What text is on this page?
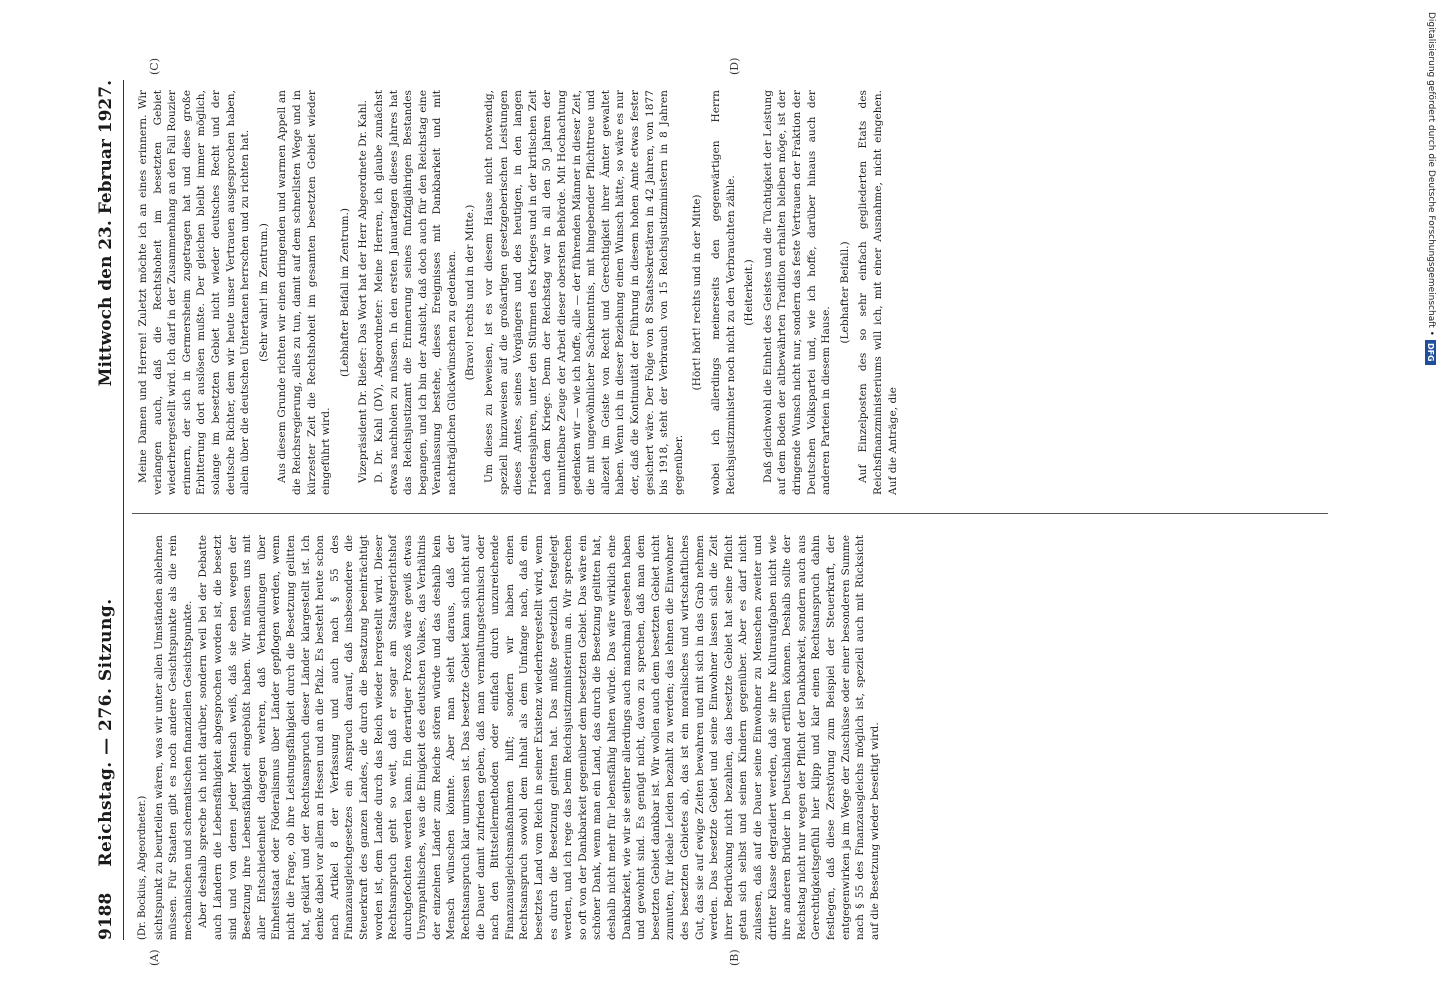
9188
Reichstag. — 276. Sitzung.
Mittwoch den 23. Februar 1927.
(A)	(B)
(C)	(D)

(Dr. Bockius, Abgeordneter.) sichtspunkt zu beurteilen wären, was wir unter allen Umständen ablehnen müssen. Für Staaten gibt es noch andere Gesichtspunkte als die rein mechanischen und schematischen finanziellen Gesichtspunkte. Aber deshalb spreche ich nicht darüber, sondern weil bei der Debatte auch Ländern die Lebensfähigkeit abgesprochen worden ist, die besetzt sind und von denen jeder Mensch weiß, daß sie eben wegen der Besetzung ihre Lebensfähigkeit eingebüßt haben. Wir müssen uns mit aller Entschiedenheit dagegen wehren, daß Verhandlungen über Einheitsstaat oder Föderalismus über Länder gepflogen werden, wenn nicht die Frage, ob ihre Leistungsfähigkeit durch die Besetzung gelitten hat, geklärt und der Rechtsanspruch dieser Länder klargestellt ist. Ich denke dabei vor allem an Hessen und an die Pfalz. Es besteht heute schon nach Artikel 8 der Verfassung und auch nach § 55 des Finanzausgleichgesetzes ein Anspruch darauf, daß insbesondere die Steuerkraft des ganzen Landes, die durch die Besatzung beeinträchtigt worden ist, dem Lande durch das Reich wieder hergestellt wird. Dieser Rechtsanspruch geht so weit, daß er sogar am Staatsgerichtshof durchgefochten werden kann. Ein derartiger Prozeß wäre gewiß etwas Unsympathisches, was die Einigkeit des deutschen Volkes, das Verhältnis der einzelnen Länder zum Reiche stören würde und das deshalb kein Mensch wünschen könnte. Aber man sieht daraus, daß der Rechtsanspruch klar umrissen ist. Das besetzte Gebiet kann sich nicht auf die Dauer damit zufrieden geben, daß man vermaltungstechnisch oder nach den Bittstellermethoden oder einfach durch unzureichende Finanzausgleichsmaßnahmen hilft; sondern wir haben einen Rechtsanspruch sowohl dem Inhalt als dem Umfange nach, daß ein besetztes Land vom Reich in seiner Existenz wiederhergestellt wird, wenn es durch die Besetzung gelitten hat. Das müßte gesetzlich festgelegt werden, und ich rege das beim Reichsjustizministerium an. Wir sprechen so oft von der Dankbarkeit gegenüber dem besetzten Gebiet. Das wäre ein schöner Dank, wenn man ein Land, das durch die Besetzung gelitten hat, deshalb nicht mehr für lebensfähig halten würde. Das wäre wirklich eine Dankbarkeit, wie wir sie seither allerdings auch manchmal gesehen haben und gewohnt sind. Es genügt nicht, davon zu sprechen, daß man dem besetzten Gebiet dankbar ist. Wir wollen auch dem besetzten Gebiet nicht zumuten, für ideale Leiden bezahlt zu werden; das lehnen die Einwohner des besetzten Gebietes ab, das ist ein moralisches und wirtschaftliches Gut, das sie auf ewige Zeiten bewahren und mit sich in das Grab nehmen werden. Das besetzte Gebiet und seine Einwohner lassen sich die Zeit ihrer Bedrückung nicht bezahlen, das besetzte Gebiet hat seine Pflicht getan sich selbst und seinen Kindern gegenüber. Aber es darf nicht zulassen, daß auf die Dauer seine Einwohner zu Menschen zweiter und dritter Klasse degradiert werden, daß sie ihre Kulturaufgaben nicht wie ihre anderen Brüder in Deutschland erfüllen können. Deshalb sollte der Reichstag nicht nur wegen der Pflicht der Dankbarkeit, sondern auch aus Gerechtigkeitsgefühl hier klipp und klar einen Rechtsanspruch dahin festlegen, daß diese Zerstörung zum Beispiel der Steuerkraft, der entgegenwirken ja im Wege der Zuschüsse oder einer besonderen Summe nach § 55 des Finanzausgleichs möglich ist, speziell auch mit Rücksicht auf die Besetzung wieder beseitigt wird.

Meine Damen und Herren! Zuletzt möchte ich an eines erinnern. Wir verlangen auch, daß die Rechtshoheit im besetzten Gebiet wiederhergestellt wird. Ich darf in der Zusammenhang an den Fall Rouzier erinnern, der sich in Germersheim zugetragen hat und diese große Erbitterung dort auslösen mußte. Der gleichen bleibt immer möglich, solange im besetzten Gebiet nicht wieder deutsches Recht und der deutsche Richter, dem wir heute unser Vertrauen ausgesprochen haben, allein über die deutschen Untertanen herrschen und zu richten hat. (Sehr wahr! im Zentrum.) Aus diesem Grunde richten wir einen dringenden und warmen Appell an die Reichsregierung, alles zu tun, damit auf dem schnellsten Wege und in kürzester Zeit die Rechtshoheit im gesamten besetzten Gebiet wieder eingeführt wird.

(Lebhafter Beifall im Zentrum.) Vizepräsident Dr. Rießer: Das Wort hat der Herr Abgeordnete Dr. Kahl. D. Dr. Kahl (DV), Abgeordneter: Meine Herren, ich glaube zunächst etwas nachholen zu müssen. In den ersten Januartagen dieses Jahres hat das Reichsjustizamt die Erinnerung seines fünfzigjährigen Bestandes begangen, und ich bin der Ansicht, daß doch auch für den Reichstag eine Veranlassung bestehe, dieses Ereignisses mit Dankbarkeit und mit nachträglichen Glückwünschen zu gedenken. (Bravo! rechts und in der Mitte.) Um dieses zu beweisen, ist es vor diesem Hause nicht notwendig, speziell hinzuweisen auf die großartigen gesetzgeberischen Leistungen dieses Amtes, seines Vorgängers und des heutigen, in den langen Friedensjahren, unter den Stürmen des Krieges und in der kritischen Zeit nach dem Kriege. Denn der Reichstag war in all den 50 Jahren der unmittelbare Zeuge der Arbeit dieser obersten Behörde. Mit Hochachtung gedenken wir — wie ich hoffe, alle — der führenden Männer in dieser Zeit, die mit ungewöhnlicher Sachkenntnis, mit hingebender Pflichttreue und allezeit im Geiste von Recht und Gerechtigkeit ihrer Ämter gewaltet haben. Wenn ich in dieser Beziehung einen Wunsch hätte, so wäre es nur der, daß die Kontinuität der Führung in diesem hohen Amte etwas fester gesichert wäre. Der Folge von 8 Staatssekretären in 42 Jahren, von 1877 bis 1918, steht der Verbrauch von 15 Reichsjustizministern in 8 Jahren gegenüber.

(Hört! hört! rechts und in der Mitte) wobei ich allerdings meinerseits den gegenwärtigen Herrn Reichsjustizminister noch nicht zu den Verbrauchten zähle. (Heiterkeit.) Daß gleichwohl die Einheit des Geistes und die Tüchtigkeit der Leistung auf dem Boden der altbewährten Tradition erhalten bleiben möge, ist der dringende Wunsch nicht nur, sondern das feste Vertrauen der Fraktion der Deutschen Volkspartei und, wie ich hoffe, darüber hinaus auch der anderen Parteien in diesem Hause.

(Lebhafter Beifall.) Auf Einzelposten des so sehr einfach gegliederten Etats des Reichsfinanzministeriums will ich, mit einer Ausnahme, nicht eingehen. Auf die Anträge, die

Digitalisierung gefördert durch die Deutsche Forschungsgemeinschaft •
DFG
